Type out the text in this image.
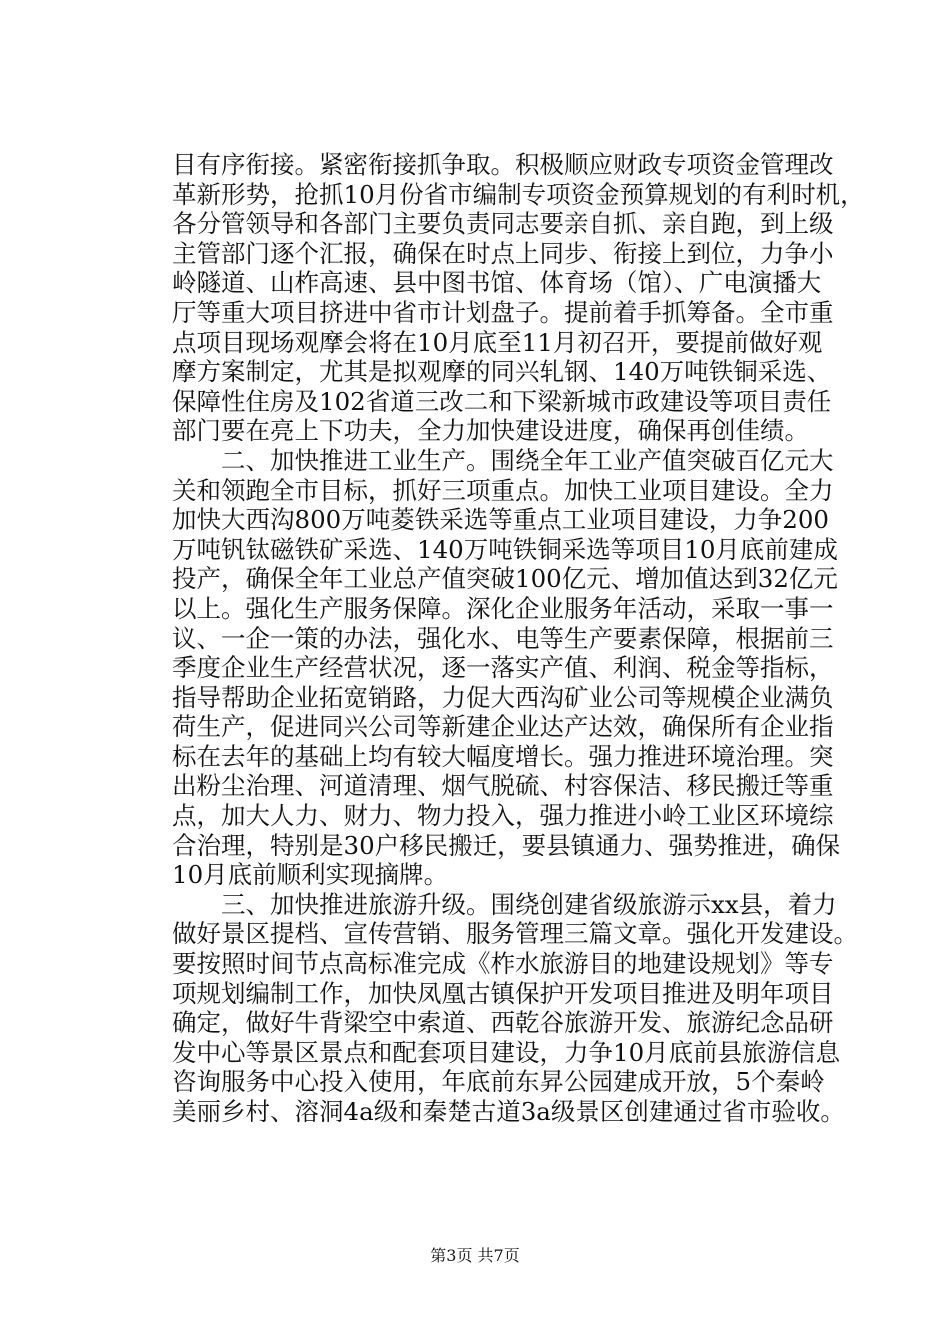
目有序衔接。紧密衔接抓争取。积极顺应财政专项资金管理改
革新形势，抢抓10月份省市编制专项资金预算规划的有利时机，
各分管领导和各部门主要负责同志要亲自抓、亲自跑，到上级
主管部门逐个汇报，确保在时点上同步、衔接上到位，力争小
岭隧道、山柞高速、县中图书馆、体育场（馆）、广电演播大
厅等重大项目挤进中省市计划盘子。提前着手抓筹备。全市重
点项目现场观摩会将在10月底至11月初召开，要提前做好观
摩方案制定，尤其是拟观摩的同兴轧钢、140万吨铁铜采选、
保障性住房及102省道三改二和下梁新城市政建设等项目责任
部门要在亮上下功夫，全力加快建设进度，确保再创佳绩。
二、加快推进工业生产。围绕全年工业产值突破百亿元大
关和领跑全市目标，抓好三项重点。加快工业项目建设。全力
加快大西沟800万吨菱铁采选等重点工业项目建设，力争200
万吨钒钛磁铁矿采选、140万吨铁铜采选等项目10月底前建成
投产，确保全年工业总产值突破100亿元、增加值达到32亿元
以上。强化生产服务保障。深化企业服务年活动，采取一事一
议、一企一策的办法，强化水、电等生产要素保障，根据前三
季度企业生产经营状况，逐一落实产值、利润、税金等指标，
指导帮助企业拓宽销路，力促大西沟矿业公司等规模企业满负
荷生产，促进同兴公司等新建企业达产达效，确保所有企业指
标在去年的基础上均有较大幅度增长。强力推进环境治理。突
出粉尘治理、河道清理、烟气脱硫、村容保洁、移民搬迁等重
点，加大人力、财力、物力投入，强力推进小岭工业区环境综
合治理，特别是30户移民搬迁，要县镇通力、强势推进，确保
10月底前顺利实现摘牌。
三、加快推进旅游升级。围绕创建省级旅游示xx县，着力
做好景区提档、宣传营销、服务管理三篇文章。强化开发建设。
要按照时间节点高标准完成《柞水旅游目的地建设规划》等专
项规划编制工作，加快凤凰古镇保护开发项目推进及明年项目
确定，做好牛背梁空中索道、西乾谷旅游开发、旅游纪念品研
发中心等景区景点和配套项目建设，力争10月底前县旅游信息
咨询服务中心投入使用，年底前东昇公园建成开放，5个秦岭
美丽乡村、溶洞4a级和秦楚古道3a级景区创建通过省市验收。
第3页 共7页
